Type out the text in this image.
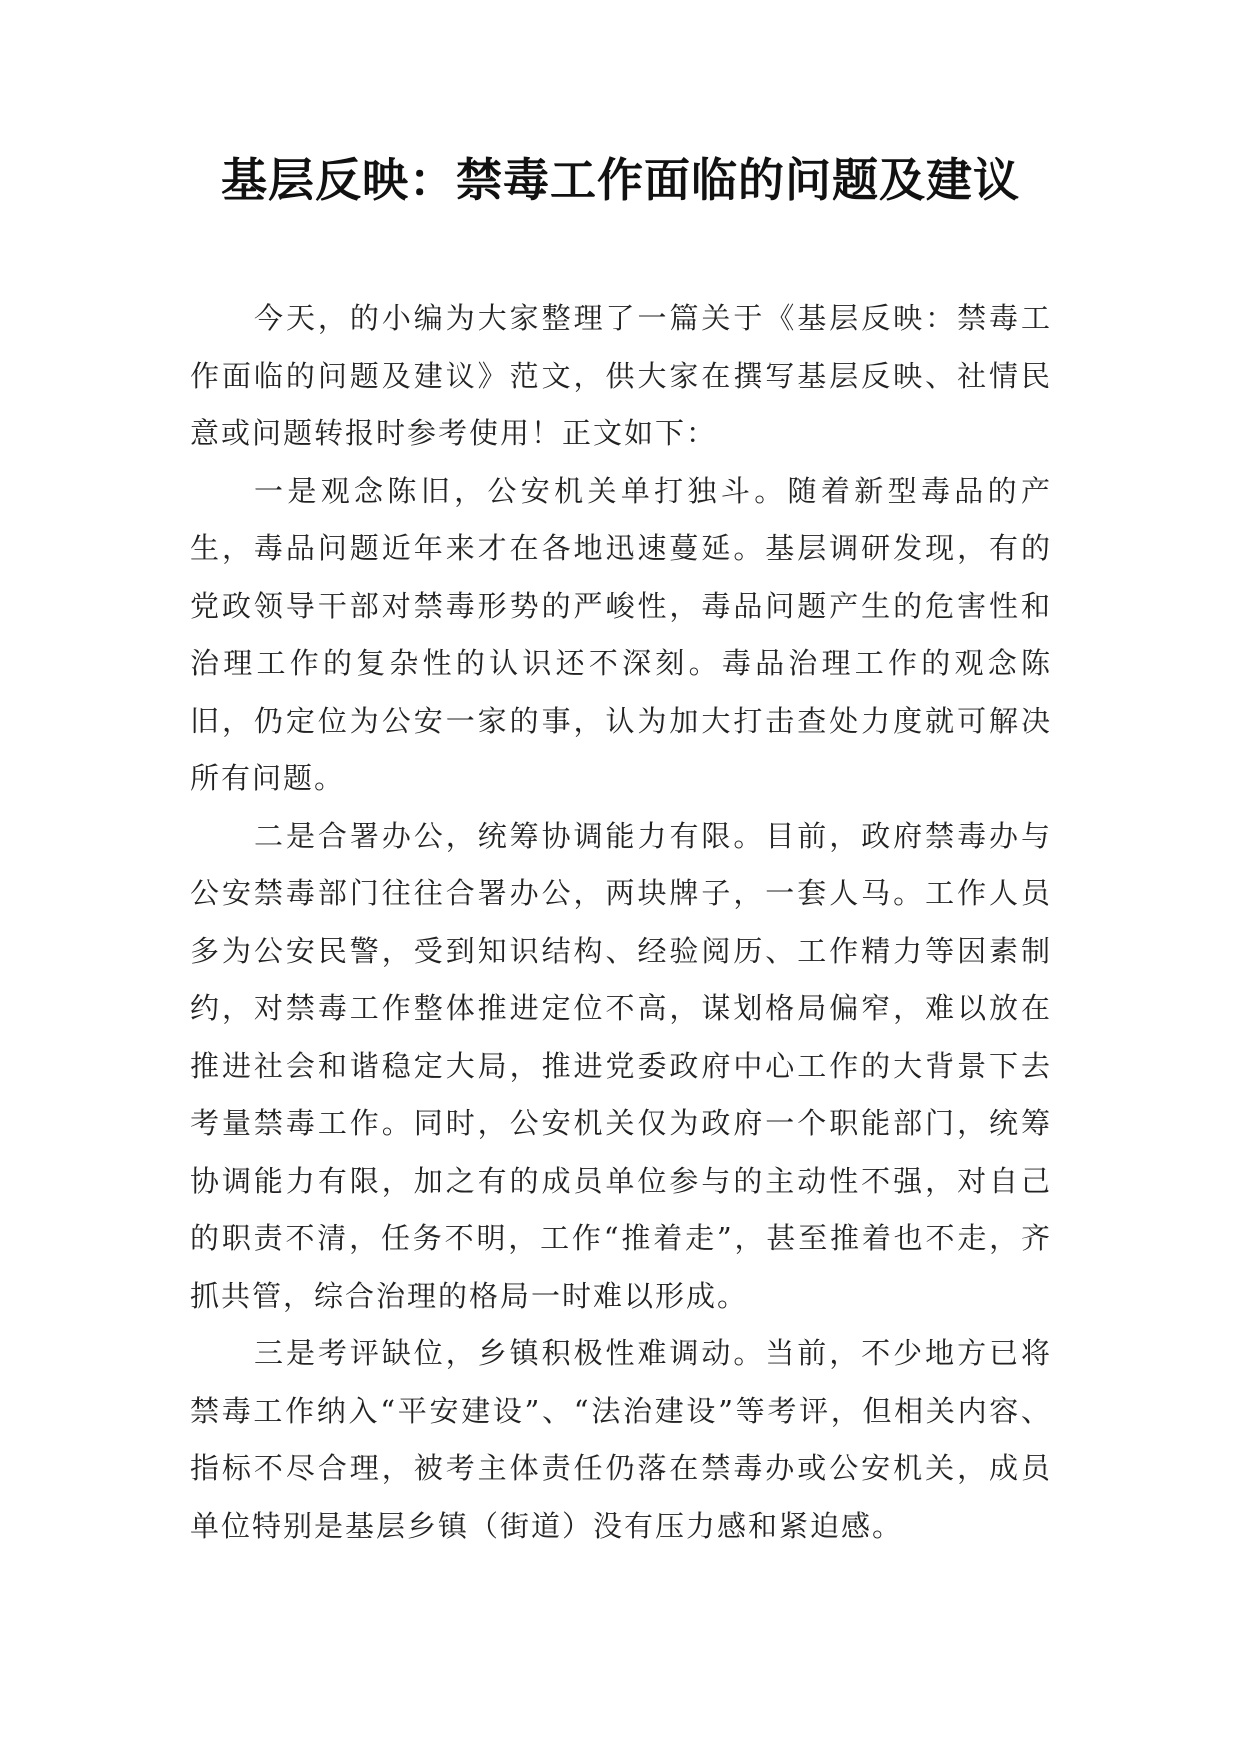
基层反映：禁毒工作面临的问题及建议

今天，的小编为大家整理了一篇关于《基层反映：禁毒工作面临的问题及建议》范文，供大家在撰写基层反映、社情民意或问题转报时参考使用！正文如下：

一是观念陈旧，公安机关单打独斗。随着新型毒品的产生，毒品问题近年来才在各地迅速蔓延。基层调研发现，有的党政领导干部对禁毒形势的严峻性，毒品问题产生的危害性和治理工作的复杂性的认识还不深刻。毒品治理工作的观念陈旧，仍定位为公安一家的事，认为加大打击查处力度就可解决所有问题。

二是合署办公，统筹协调能力有限。目前，政府禁毒办与公安禁毒部门往往合署办公，两块牌子，一套人马。工作人员多为公安民警，受到知识结构、经验阅历、工作精力等因素制约，对禁毒工作整体推进定位不高，谋划格局偏窄，难以放在推进社会和谐稳定大局，推进党委政府中心工作的大背景下去考量禁毒工作。同时，公安机关仅为政府一个职能部门，统筹协调能力有限，加之有的成员单位参与的主动性不强，对自己的职责不清，任务不明，工作“推着走”，甚至推着也不走，齐抓共管，综合治理的格局一时难以形成。

三是考评缺位，乡镇积极性难调动。当前，不少地方已将禁毒工作纳入“平安建设”、“法治建设”等考评，但相关内容、指标不尽合理，被考主体责任仍落在禁毒办或公安机关，成员单位特别是基层乡镇（街道）没有压力感和紧迫感。
